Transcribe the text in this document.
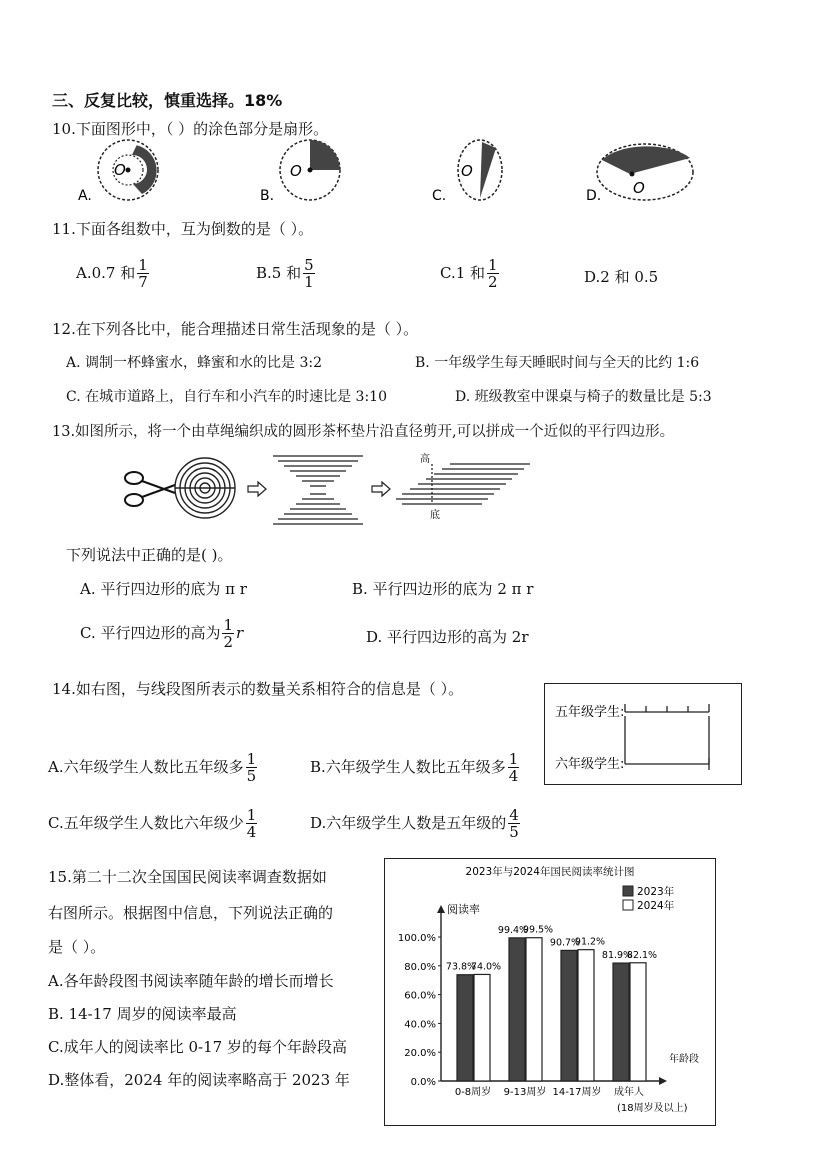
三、反复比较，慎重选择。18%
10.下面图形中，（ ）的涂色部分是扇形。
O
A.
O
B.
O
C.	O
D.
11.下面各组数中，互为倒数的是（ ）。
A.0.7 和 $\frac{1}{7}$	B.5 和 $\frac{5}{1}$	C.1 和 $\frac{1}{2}$	D.2 和 0.5
12.在下列各比中，能合理描述日常生活现象的是（ ）。
A. 调制一杯蜂蜜水，蜂蜜和水的比是 3:2	B. 一年级学生每天睡眠时间与全天的比约 1:6
C. 在城市道路上，自行车和小汽车的时速比是 3:10	D. 班级教室中课桌与椅子的数量比是 5:3
13.如图所示，将一个由草绳编织成的圆形茶杯垫片沿直径剪开,可以拼成一个近似的平行四边形。
高
底
下列说法中正确的是( )。
A. 平行四边形的底为 π r	B. 平行四边形的底为 2 π r
C. 平行四边形的高为 $\frac{1}{2}$ r	D. 平行四边形的高为 2r
14.如右图，与线段图所表示的数量关系相符合的信息是（ ）。
五年级学生:
六年级学生:
A.六年级学生人数比五年级多 $\frac{1}{5}$	B.六年级学生人数比五年级多 $\frac{1}{4}$
C.五年级学生人数比六年级少 $\frac{1}{4}$	D.六年级学生人数是五年级的 $\frac{4}{5}$
15.第二十二次全国国民阅读率调查数据如
右图所示。根据图中信息，下列说法正确的
是（ ）。
A.各年龄段图书阅读率随年龄的增长而增长
B. 14-17 周岁的阅读率最高
C.成年人的阅读率比 0-17 岁的每个年龄段高
D.整体看，2024 年的阅读率略高于 2023 年
2023年与2024年国民阅读率统计图
阅读率
年龄段
(18周岁及以上)
0.0%
20.0%
40.0%
60.0%
80.0%
100.0%
73.8%
74.0%
0-8周岁
99.4%
99.5%
9-13周岁
90.7%
91.2%
14-17周岁
81.9%
82.1%
成年人
2023年
2024年
